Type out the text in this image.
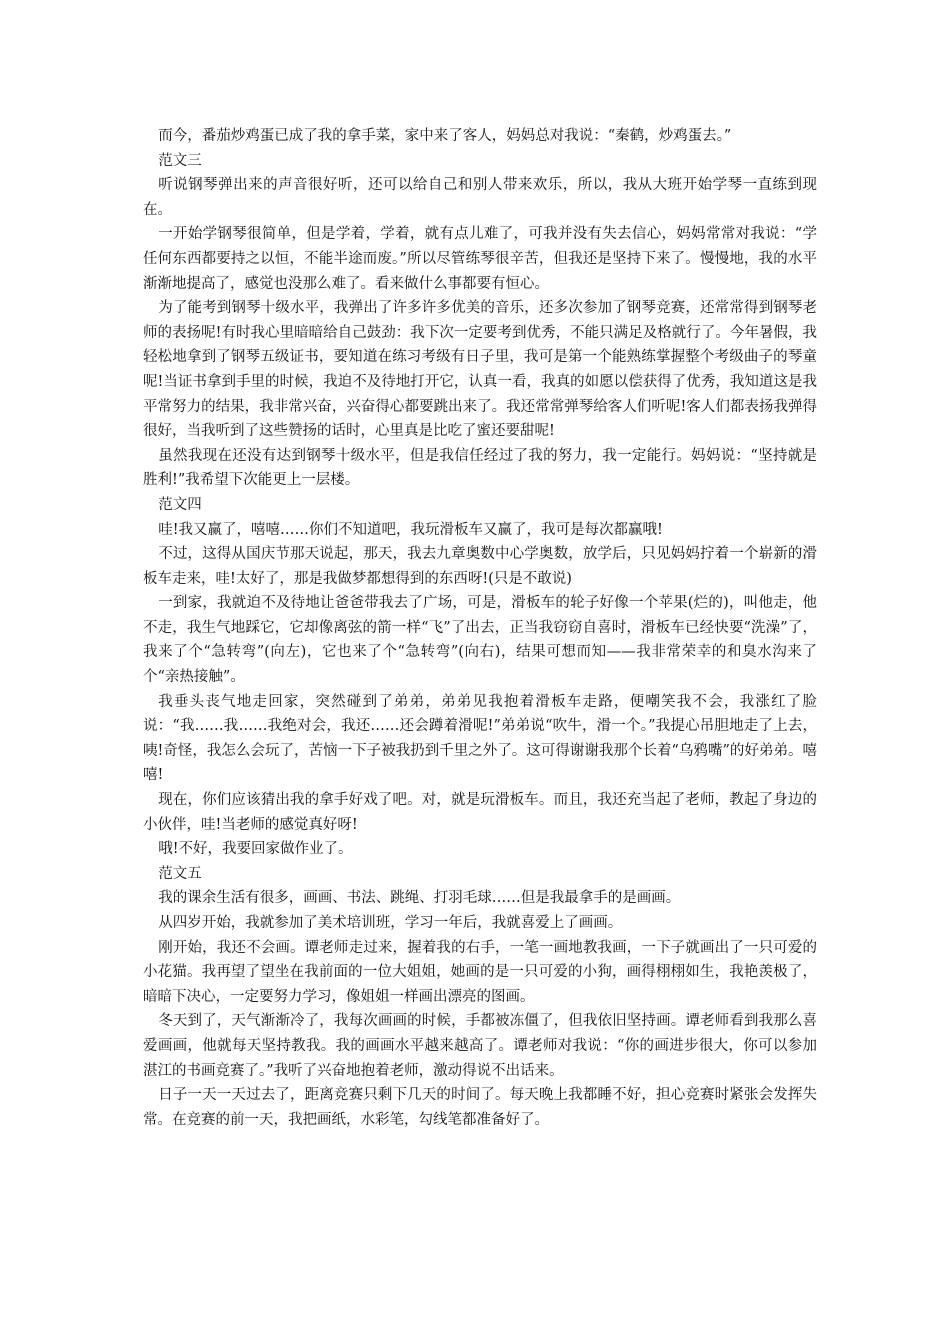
而今，番茄炒鸡蛋已成了我的拿手菜，家中来了客人，妈妈总对我说：“秦鹤，炒鸡蛋去。”

范文三

听说钢琴弹出来的声音很好听，还可以给自己和别人带来欢乐，所以，我从大班开始学琴一直练到现在。

一开始学钢琴很简单，但是学着，学着，就有点儿难了，可我并没有失去信心，妈妈常常对我说：“学任何东西都要持之以恒，不能半途而废。”所以尽管练琴很辛苦，但我还是坚持下来了。慢慢地，我的水平渐渐地提高了，感觉也没那么难了。看来做什么事都要有恒心。

为了能考到钢琴十级水平，我弹出了许多许多优美的音乐，还多次参加了钢琴竞赛，还常常得到钢琴老师的表扬呢!有时我心里暗暗给自己鼓劲：我下次一定要考到优秀，不能只满足及格就行了。今年暑假，我轻松地拿到了钢琴五级证书，要知道在练习考级有日子里，我可是第一个能熟练掌握整个考级曲子的琴童呢!当证书拿到手里的时候，我迫不及待地打开它，认真一看，我真的如愿以偿获得了优秀，我知道这是我平常努力的结果，我非常兴奋，兴奋得心都要跳出来了。我还常常弹琴给客人们听呢!客人们都表扬我弹得很好，当我听到了这些赞扬的话时，心里真是比吃了蜜还要甜呢!

虽然我现在还没有达到钢琴十级水平，但是我信任经过了我的努力，我一定能行。妈妈说：“坚持就是胜利!”我希望下次能更上一层楼。

范文四

哇!我又赢了，嘻嘻……你们不知道吧，我玩滑板车又赢了，我可是每次都赢哦!

不过，这得从国庆节那天说起，那天，我去九章奥数中心学奥数，放学后，只见妈妈拧着一个崭新的滑板车走来，哇!太好了，那是我做梦都想得到的东西呀!(只是不敢说)

一到家，我就迫不及待地让爸爸带我去了广场，可是，滑板车的轮子好像一个苹果(烂的)，叫他走，他不走，我生气地踩它，它却像离弦的箭一样“飞”了出去，正当我窃窃自喜时，滑板车已经快要“洗澡”了，我来了个“急转弯”(向左)，它也来了个“急转弯”(向右)，结果可想而知——我非常荣幸的和臭水沟来了个“亲热接触”。

我垂头丧气地走回家，突然碰到了弟弟，弟弟见我抱着滑板车走路，便嘲笑我不会，我涨红了脸说：“我……我……我绝对会，我还……还会蹲着滑呢!”弟弟说“吹牛，滑一个。”我提心吊胆地走了上去，咦!奇怪，我怎么会玩了，苦恼一下子被我扔到千里之外了。这可得谢谢我那个长着“乌鸦嘴”的好弟弟。嘻嘻!

现在，你们应该猜出我的拿手好戏了吧。对，就是玩滑板车。而且，我还充当起了老师，教起了身边的小伙伴，哇!当老师的感觉真好呀!

哦!不好，我要回家做作业了。

范文五

我的课余生活有很多，画画、书法、跳绳、打羽毛球……但是我最拿手的是画画。

从四岁开始，我就参加了美术培训班，学习一年后，我就喜爱上了画画。

刚开始，我还不会画。谭老师走过来，握着我的右手，一笔一画地教我画，一下子就画出了一只可爱的小花猫。我再望了望坐在我前面的一位大姐姐，她画的是一只可爱的小狗，画得栩栩如生，我艳羡极了，暗暗下决心，一定要努力学习，像姐姐一样画出漂亮的图画。

冬天到了，天气渐渐冷了，我每次画画的时候，手都被冻僵了，但我依旧坚持画。谭老师看到我那么喜爱画画，他就每天坚持教我。我的画画水平越来越高了。谭老师对我说：“你的画进步很大，你可以参加湛江的书画竞赛了。”我听了兴奋地抱着老师，激动得说不出话来。

日子一天一天过去了，距离竞赛只剩下几天的时间了。每天晚上我都睡不好，担心竞赛时紧张会发挥失常。在竞赛的前一天，我把画纸，水彩笔，勾线笔都准备好了。
